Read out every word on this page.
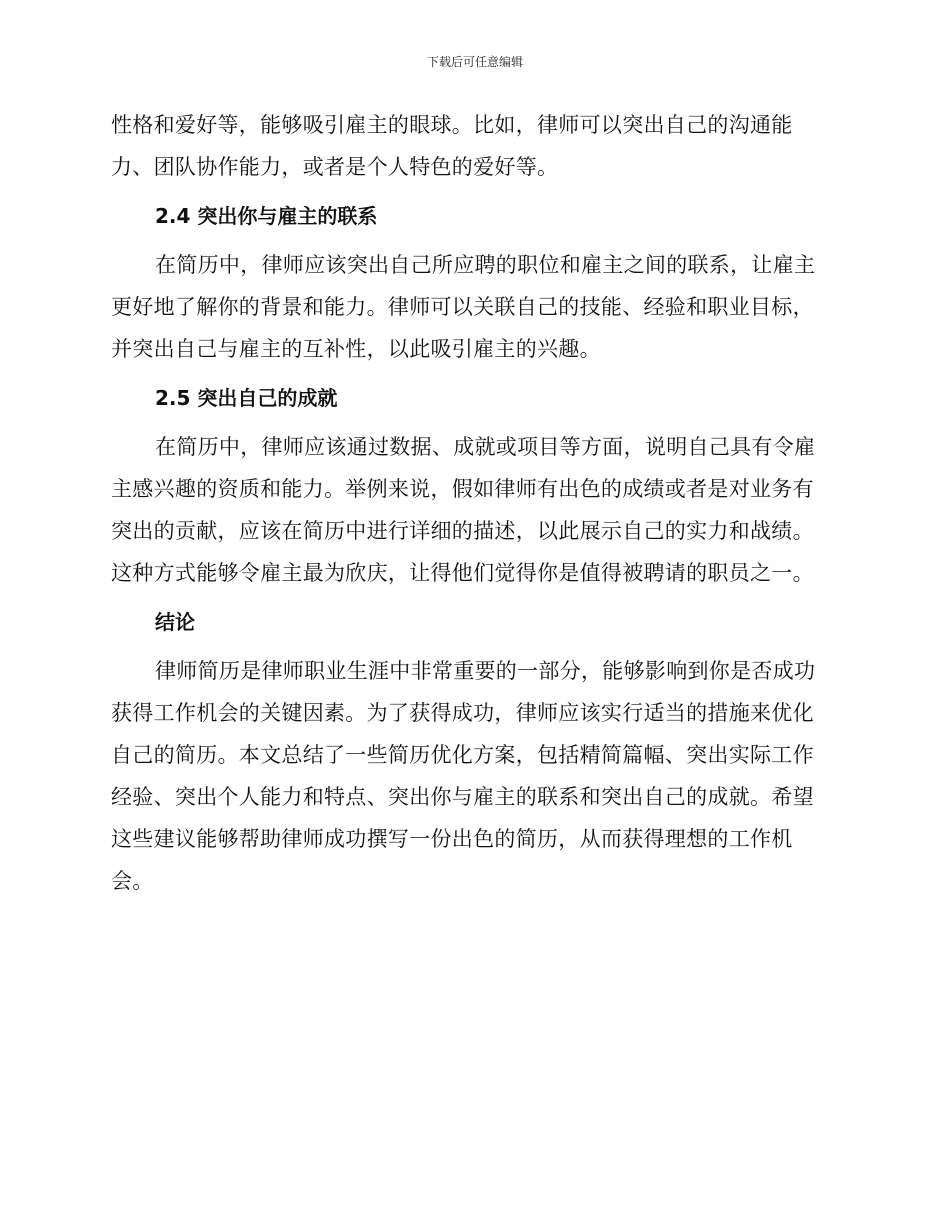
下载后可任意编辑

性格和爱好等，能够吸引雇主的眼球。比如，律师可以突出自己的沟通能力、团队协作能力，或者是个人特色的爱好等。

2.4 突出你与雇主的联系

在简历中，律师应该突出自己所应聘的职位和雇主之间的联系，让雇主更好地了解你的背景和能力。律师可以关联自己的技能、经验和职业目标，并突出自己与雇主的互补性，以此吸引雇主的兴趣。

2.5 突出自己的成就

在简历中，律师应该通过数据、成就或项目等方面，说明自己具有令雇主感兴趣的资质和能力。举例来说，假如律师有出色的成绩或者是对业务有突出的贡献，应该在简历中进行详细的描述，以此展示自己的实力和战绩。这种方式能够令雇主最为欣庆，让得他们觉得你是值得被聘请的职员之一。

结论

律师简历是律师职业生涯中非常重要的一部分，能够影响到你是否成功获得工作机会的关键因素。为了获得成功，律师应该实行适当的措施来优化自己的简历。本文总结了一些简历优化方案，包括精简篇幅、突出实际工作经验、突出个人能力和特点、突出你与雇主的联系和突出自己的成就。希望这些建议能够帮助律师成功撰写一份出色的简历，从而获得理想的工作机会。
